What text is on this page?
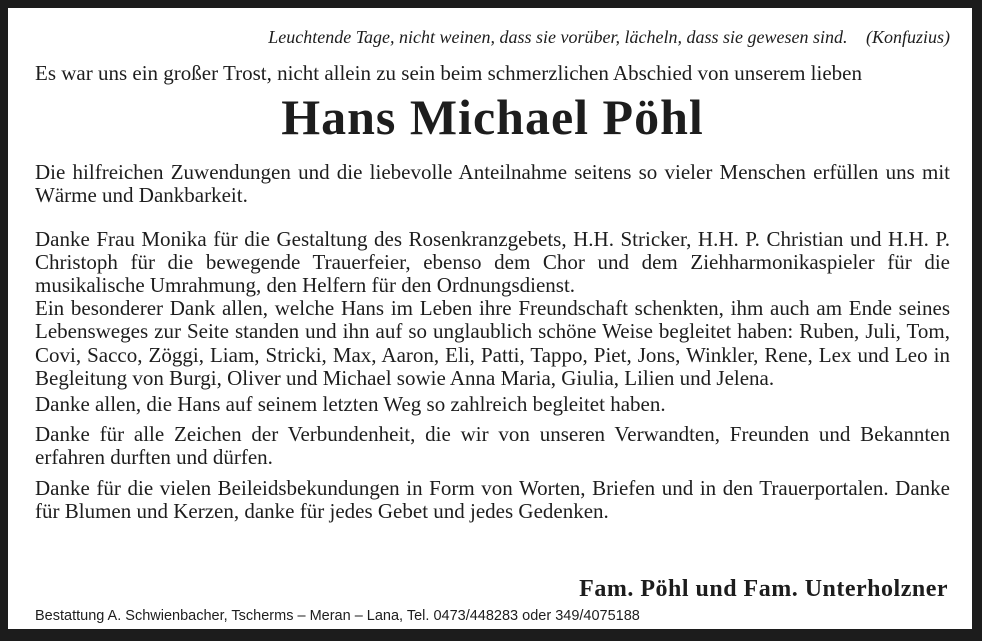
Leuchtende Tage, nicht weinen, dass sie vorüber, lächeln, dass sie gewesen sind. (Konfuzius)

Es war uns ein großer Trost, nicht allein zu sein beim schmerzlichen Abschied von unserem lieben

Hans Michael Pöhl

Die hilfreichen Zuwendungen und die liebevolle Anteilnahme seitens so vieler Menschen erfüllen uns mit Wärme und Dankbarkeit.

Danke Frau Monika für die Gestaltung des Rosenkranzgebets, H.H. Stricker, H.H. P. Christian und H.H. P. Christoph für die bewegende Trauerfeier, ebenso dem Chor und dem Ziehharmonikaspieler für die musikalische Umrahmung, den Helfern für den Ordnungsdienst.

Ein besonderer Dank allen, welche Hans im Leben ihre Freundschaft schenkten, ihm auch am Ende seines Lebensweges zur Seite standen und ihn auf so unglaublich schöne Weise begleitet haben: Ruben, Juli, Tom, Covi, Sacco, Zöggi, Liam, Stricki, Max, Aaron, Eli, Patti, Tappo, Piet, Jons, Winkler, Rene, Lex und Leo in Begleitung von Burgi, Oliver und Michael sowie Anna Maria, Giulia, Lilien und Jelena.

Danke allen, die Hans auf seinem letzten Weg so zahlreich begleitet haben.

Danke für alle Zeichen der Verbundenheit, die wir von unseren Verwandten, Freunden und Bekannten erfahren durften und dürfen.

Danke für die vielen Beileidsbekundungen in Form von Worten, Briefen und in den Trauerportalen. Danke für Blumen und Kerzen, danke für jedes Gebet und jedes Gedenken.

Fam. Pöhl und Fam. Unterholzner
Bestattung A. Schwienbacher, Tscherms – Meran – Lana, Tel. 0473/448283 oder 349/4075188
